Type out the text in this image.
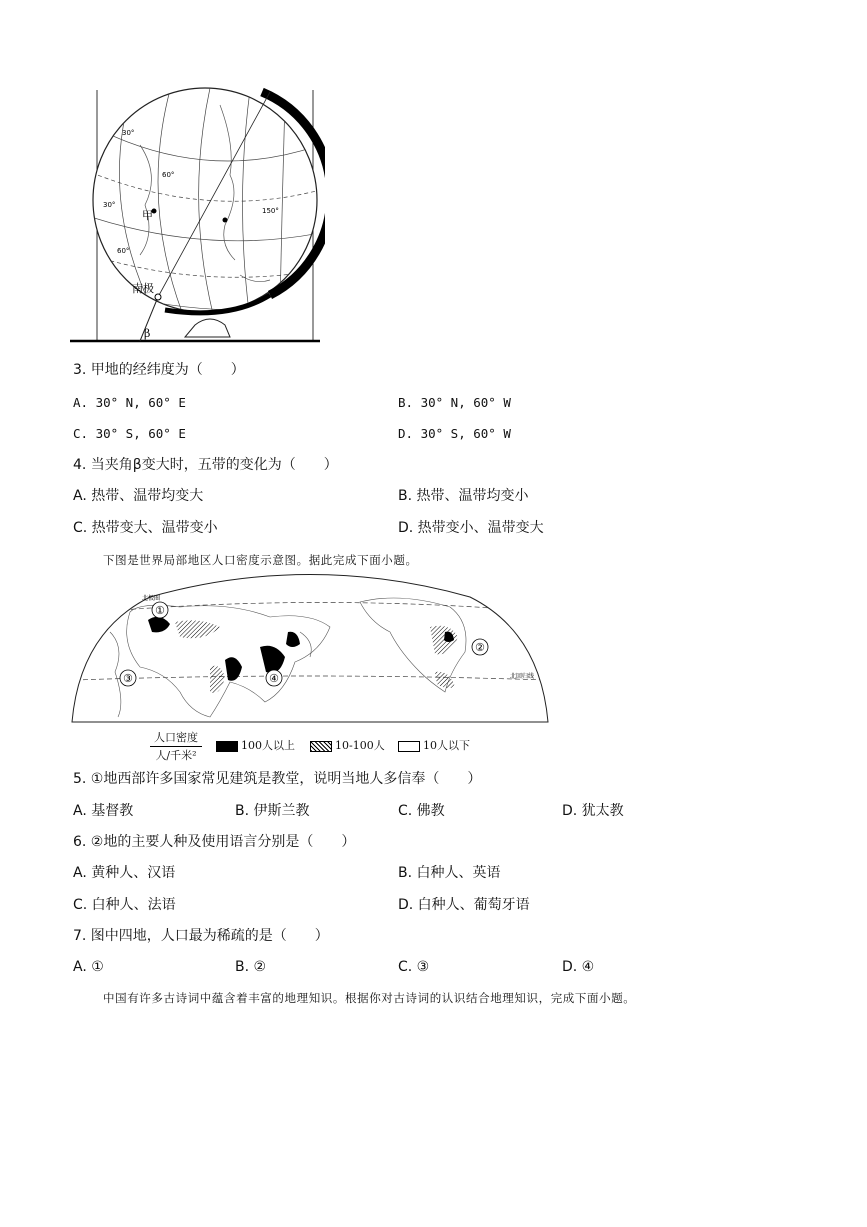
甲
南极
β
30°
60°
30°
60°
150°
3. 甲地的经纬度为（　　）
A. 30° N, 60° E	B. 30° N, 60° W
C. 30° S, 60° E	D. 30° S, 60° W
4. 当夹角β变大时，五带的变化为（　　）
A. 热带、温带均变大	B. 热带、温带均变小
C. 热带变大、温带变小	D. 热带变小、温带变大
下图是世界局部地区人口密度示意图。据此完成下面小题。
①
②
③	④
北极圈
北回归线
人口密度
人/千米²
100人以上	10-100人	10人以下
5. ①地西部许多国家常见建筑是教堂，说明当地人多信奉（　　）
A. 基督教	B. 伊斯兰教	C. 佛教	D. 犹太教
6. ②地的主要人种及使用语言分别是（　　）
A. 黄种人、汉语	B. 白种人、英语
C. 白种人、法语	D. 白种人、葡萄牙语
7. 图中四地，人口最为稀疏的是（　　）
A. ①	B. ②	C. ③	D. ④
中国有许多古诗词中蕴含着丰富的地理知识。根据你对古诗词的认识结合地理知识，完成下面小题。
